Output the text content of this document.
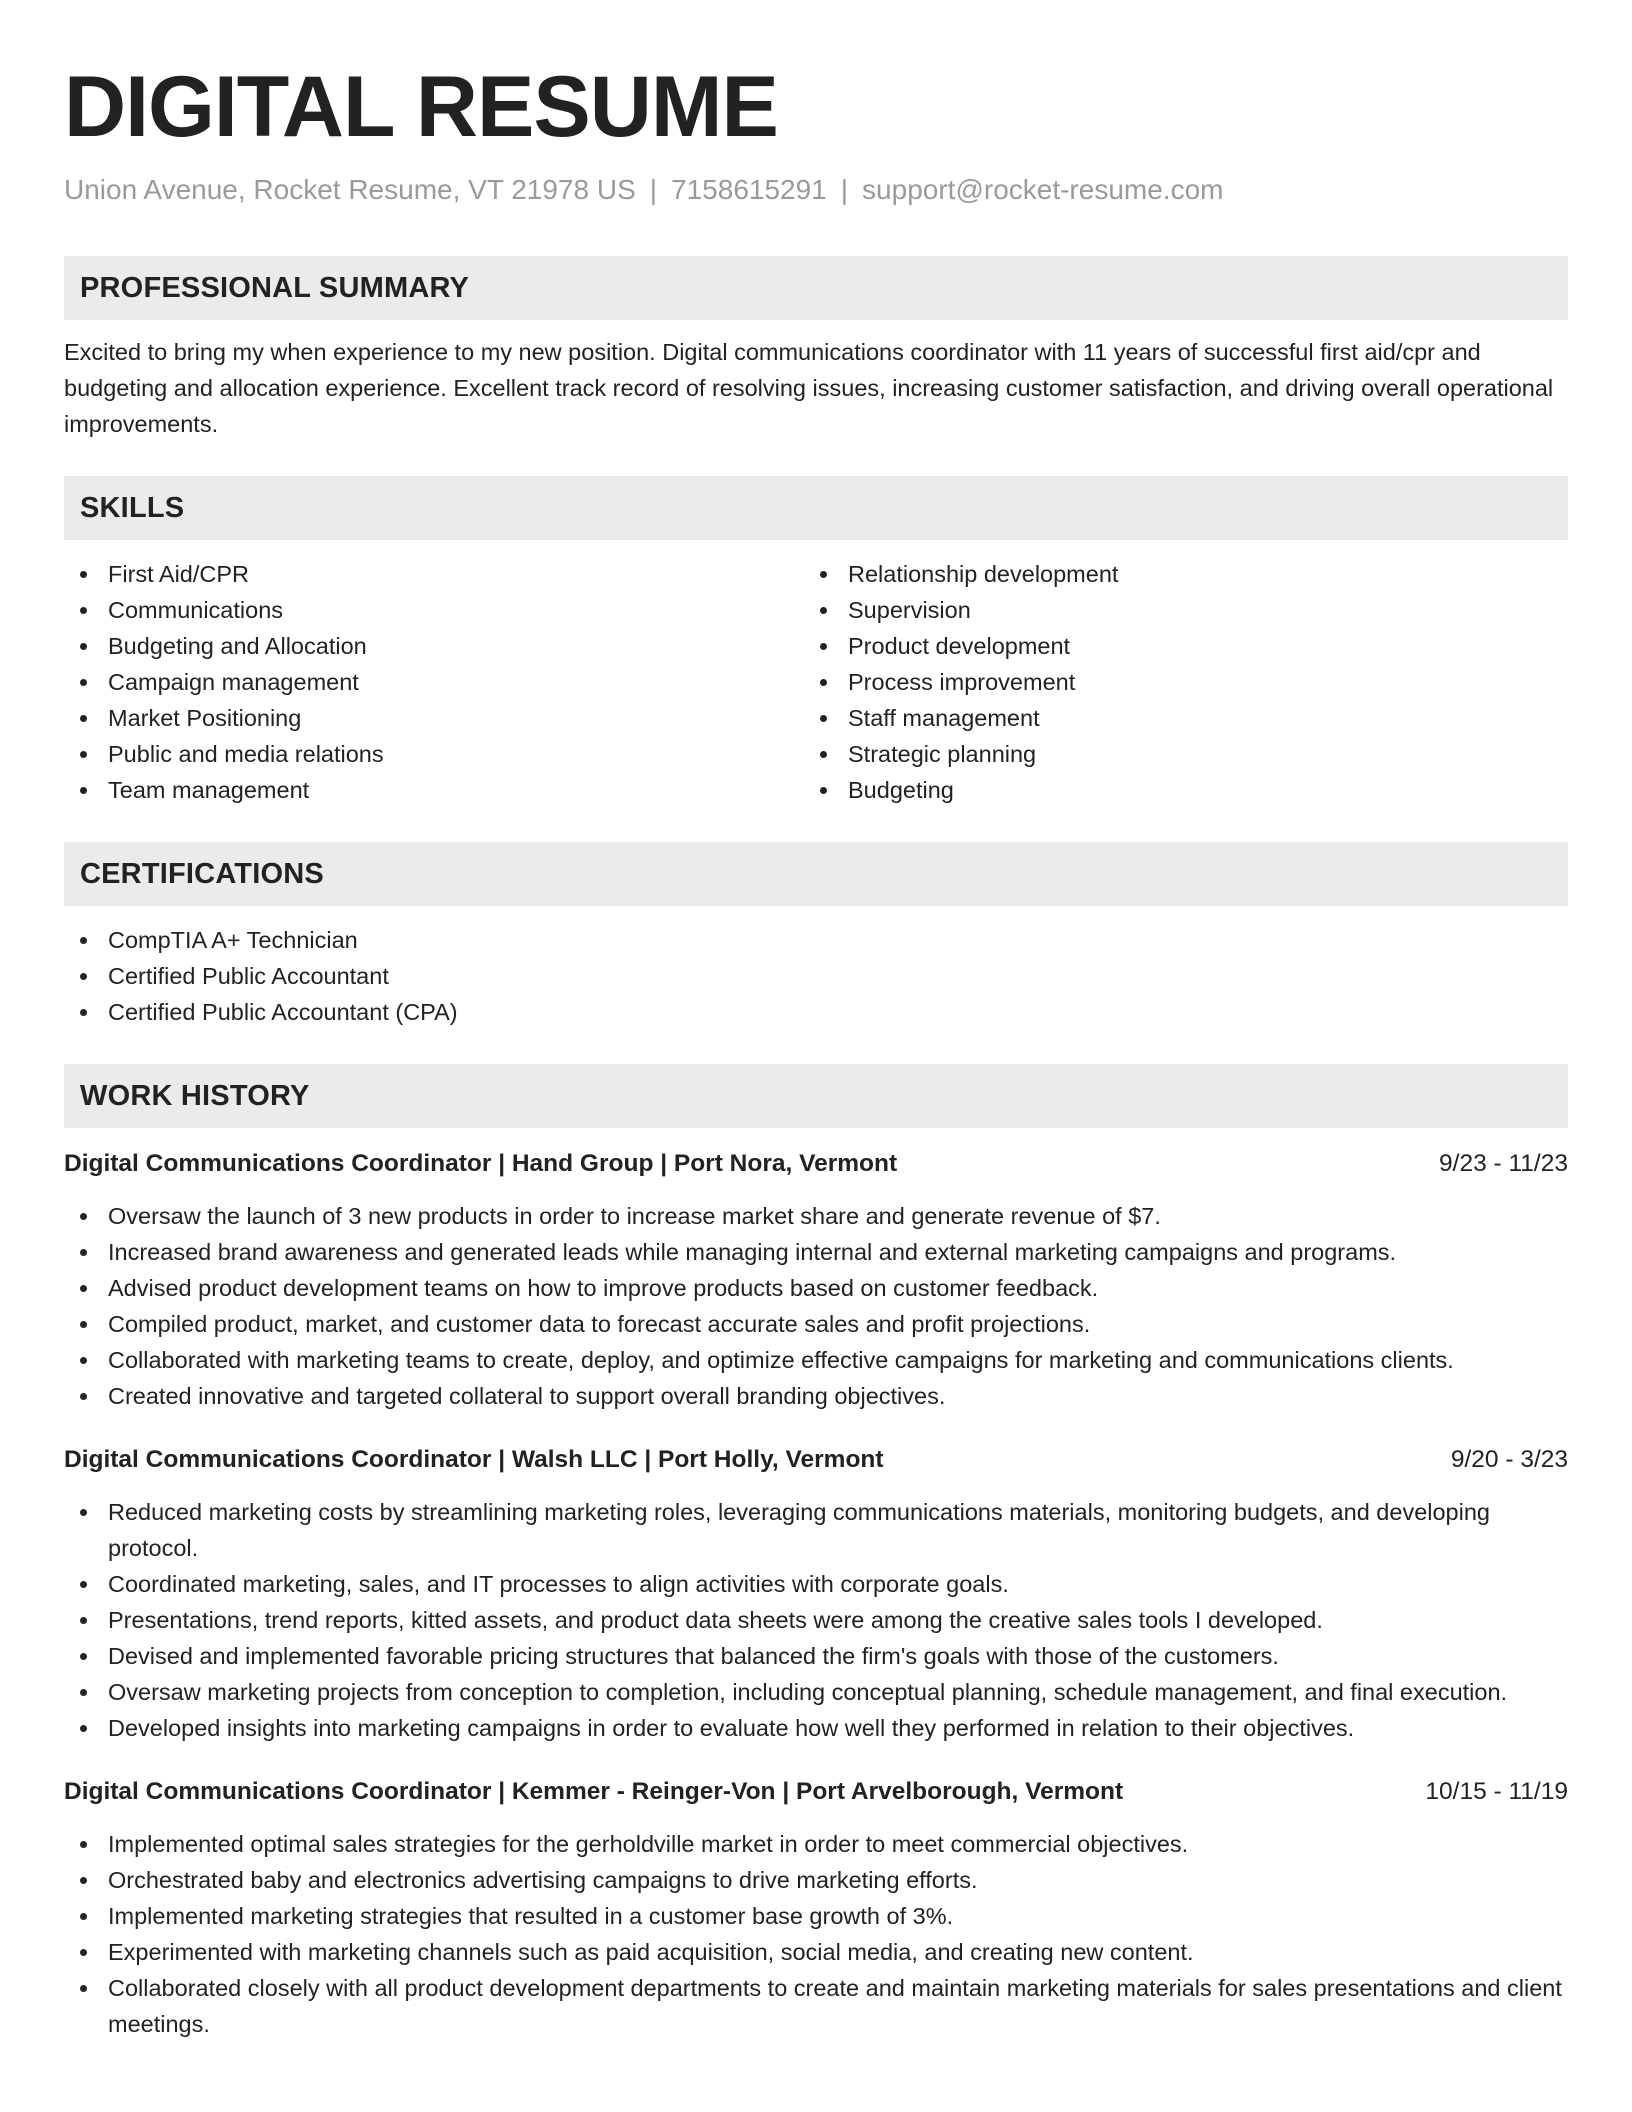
DIGITAL RESUME
Union Avenue, Rocket Resume, VT 21978 US | 7158615291 | support@rocket-resume.com
PROFESSIONAL SUMMARY
Excited to bring my when experience to my new position. Digital communications coordinator with 11 years of successful first aid/cpr and budgeting and allocation experience. Excellent track record of resolving issues, increasing customer satisfaction, and driving overall operational improvements.
SKILLS
First Aid/CPR
Communications
Budgeting and Allocation
Campaign management
Market Positioning
Public and media relations
Team management
Relationship development
Supervision
Product development
Process improvement
Staff management
Strategic planning
Budgeting
CERTIFICATIONS
CompTIA A+ Technician
Certified Public Accountant
Certified Public Accountant (CPA)
WORK HISTORY
Digital Communications Coordinator | Hand Group | Port Nora, Vermont	9/23 - 11/23
Oversaw the launch of 3 new products in order to increase market share and generate revenue of $7.
Increased brand awareness and generated leads while managing internal and external marketing campaigns and programs.
Advised product development teams on how to improve products based on customer feedback.
Compiled product, market, and customer data to forecast accurate sales and profit projections.
Collaborated with marketing teams to create, deploy, and optimize effective campaigns for marketing and communications clients.
Created innovative and targeted collateral to support overall branding objectives.
Digital Communications Coordinator | Walsh LLC | Port Holly, Vermont	9/20 - 3/23
Reduced marketing costs by streamlining marketing roles, leveraging communications materials, monitoring budgets, and developing protocol.
Coordinated marketing, sales, and IT processes to align activities with corporate goals.
Presentations, trend reports, kitted assets, and product data sheets were among the creative sales tools I developed.
Devised and implemented favorable pricing structures that balanced the firm's goals with those of the customers.
Oversaw marketing projects from conception to completion, including conceptual planning, schedule management, and final execution.
Developed insights into marketing campaigns in order to evaluate how well they performed in relation to their objectives.
Digital Communications Coordinator | Kemmer - Reinger-Von | Port Arvelborough, Vermont	10/15 - 11/19
Implemented optimal sales strategies for the gerholdville market in order to meet commercial objectives.
Orchestrated baby and electronics advertising campaigns to drive marketing efforts.
Implemented marketing strategies that resulted in a customer base growth of 3%.
Experimented with marketing channels such as paid acquisition, social media, and creating new content.
Collaborated closely with all product development departments to create and maintain marketing materials for sales presentations and client meetings.
